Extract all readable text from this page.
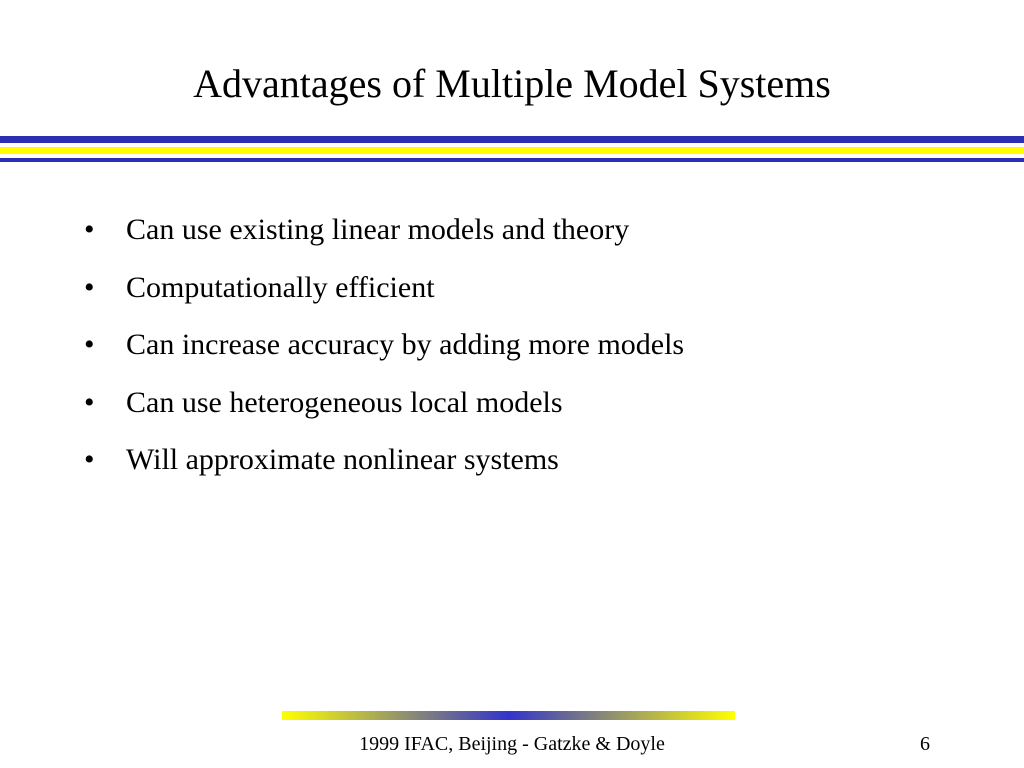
Advantages of Multiple Model Systems
•	Can use existing linear models and theory
•	Computationally efficient
•	Can increase accuracy by adding more models
•	Can use heterogeneous local models
•	Will approximate nonlinear systems
1999 IFAC, Beijing - Gatzke & Doyle	6
